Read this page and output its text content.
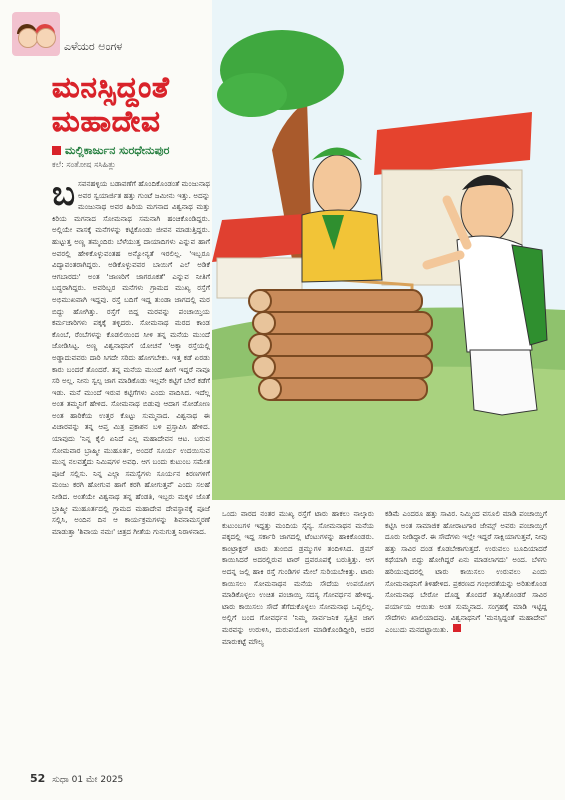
ಎಳೆಯರ ಅಂಗಳ
ಮನಸ್ಸಿದ್ದಂತೆ
ಮಹಾದೇವ
ಮಲ್ಲಿಕಾರ್ಜುನ ಸುರಧೇನುಪುರ
ಕಲೆ: ಸಂತೋಷ ಸಸಿಹಿತ್ಲು

ಬಸವನಹಳ್ಳಿಯ ಬಡಾವಣೆಗೆ ಹೊಂದಿಕೊಂಡಂತೆ ಮಂಜುನಾಥ ಅವರ ಸ್ವಯಾರ್ಜಿತ ಹತ್ತು ಗುಂಟೆ ಜಮೀನು ಇತ್ತು. ಅದನ್ನು ಮಂಜುನಾಥ ಅವರ ಹಿರಿಯ ಮಗನಾದ ವಿಶ್ವನಾಥ ಮತ್ತು ಕಿರಿಯ ಮಗನಾದ ಸೋಮನಾಥ ಸಮನಾಗಿ ಹಂಚಿಕೊಂಡಿದ್ದರು. ಅಲ್ಲಿಯೇ ವಾಸಕ್ಕೆ ಮನೆಗಳನ್ನು ಕಟ್ಟಿಕೊಂಡು ಜೀವನ ಮಾಡುತ್ತಿದ್ದರು. ಹುಟ್ಟುತ್ತ ಅಣ್ಣ ತಮ್ಮಂದಿರು ಬೆಳೆಯುತ್ತ ದಾಯಾದಿಗಳು ಎನ್ನುವ ಹಾಗೆ ಅವರಲ್ಲಿ ಹೇಳಿಕೊಳ್ಳುವಂತಹ ಅನ್ಯೋನ್ಯತೆ ಇರಲಿಲ್ಲ. 'ಇಬ್ಬರೂ ವಿದ್ಯಾವಂತರಾಗಿದ್ದರು. ಅಡಿಕೊಳ್ಳುವವರ ಬಾಯಿಗೆ ಎಲೆ ಅಡಿಕೆ ಆಗಬಾರದು' ಅಂತ 'ಜಾಣರಿಗೆ ಜಾಗರೂಕತೆ' ಎನ್ನುವ ನೀತಿಗೆ ಬದ್ಧರಾಗಿದ್ದರು. ಅವರಿಬ್ಬರ ಮನೆಗಳು ಗ್ರಾಮದ ಮುಖ್ಯ ರಸ್ತೆಗೆ ಅಭಿಮುಖವಾಗಿ ಇದ್ದವು. ರಸ್ತೆ ಬದಿಗೆ ಇದ್ದ ತುಂಡಾ ಜಾಗದಲ್ಲಿ ಮರ ಬಿದ್ದು ಹೋಗಿತ್ತು. ರಸ್ತೆಗೆ ಬಿದ್ದ ಮರವನ್ನು ಪಂಚಾಯ್ತಿಯ ಕರ್ಮಚಾರಿಗಳು ಪಕ್ಕಕ್ಕೆ ತಳ್ಳಿದರು. ಸೋಮನಾಥ ಮರದ ಕಾಂಡ ಕೊಂಬೆ, ರೆಂಬೆಗಳನ್ನು ಕೊಡಲಿಯಿಂದ ಸೀಳಿ ತನ್ನ ಮನೆಯ ಮುಂದೆ ಜೋಡಿಸಿಟ್ಟ. ಅಣ್ಣ ವಿಶ್ವನಾಥನಿಗೆ ಯೋಚನೆ 'ಅಕ್ಕಾ ರಸ್ತೆಯಲ್ಲಿ ಅಡ್ಡಾದುವವರು ದಾರಿ ಸಿಗದೇ ಸರಿದು ಹೋಗಬೇಕು. ಇತ್ತ ಕಡೆ ಏರಡು ಕಾರು ಬಂದರೆ ತೊಂದರೆ. ತನ್ನ ಮನೆಯ ಮುಂದೆ ಹೀಗೆ ಇದ್ದರೆ ನಾವೂ ಸರಿ ಅಲ್ಲ. ನೀನು ಸ್ವಲ್ಪ ಜಾಗ ಮಾಡಿಕೊಡು ಇಲ್ಲವೇ ಕಟ್ಟಿಗೆ ಬೇರೆ ಕಡೆಗೆ ಇಡು. ಮನೆ ಮುಂದೆ ಇರುವ ಕಟ್ಟಿಗೆಗಳು ಎಂದು ವಾದಿಸಿದ. ಇದೆಲ್ಲ ಅಂತ ತಮ್ಮನಿಗೆ ಹೇಳಿದ. ಸೋಮನಾಥ ಬಿಡುವು ಆದಾಗ ನೋಡೋಣ ಅಂತ ಹಾರಿಕೆಯ ಉತ್ತರ ಕೊಟ್ಟು ಸುಮ್ಮನಾದ. ವಿಶ್ವನಾಥ ಈ ವಿಚಾರವನ್ನು ತನ್ನ ಆಪ್ತ ಮಿತ್ರ ಪ್ರಕಾಶನ ಬಳಿ ಪ್ರಸ್ತಾಪಿಸಿ ಹೇಳಿದ. ಯಾವುದು 'ನಿನ್ನ ಕೈಲಿ ಏನಿದೆ ಎಲ್ಲ ಮಹಾದೇವನ ಆಟ. ಬರುವ ಸೋಮವಾರ ಬ್ರಾಹ್ಮೀ ಮುಹೂರ್ತ, ಅಂದರೆ ಸೂರ್ಯ ಉದಯಿಸುವ ಮುನ್ನ ನಲವತ್ತೈದು ನಿಮಿಷಗಳ ಅವಧಿ. ಆಗ ಬಂದು ಕುಟುಂಬ ಸಮೇತ ಪೂಜೆ ಸಲ್ಲಿಸು. ನಿನ್ನ ಎಲ್ಲಾ ಸಮಸ್ಯೆಗಳು ಸೂರ್ಯನ ಕಿರಣಗಳಿಗೆ ಮಂಜು ಕರಗಿ ಹೋಗುವ ಹಾಗೆ ಕರಗಿ ಹೋಗುತ್ತವೆ' ಎಂದು ಸಲಹೆ ನೀಡಿದ. ಅಂತೆಯೇ ವಿಶ್ವನಾಥ ತನ್ನ ಹೆಂಡತಿ, ಇಬ್ಬರು ಮಕ್ಕಳ ಜೊತೆ ಬ್ರಾಹ್ಮೀ ಮುಹೂರ್ತದಲ್ಲಿ ಗ್ರಾಮದ ಮಹಾದೇವ ದೇವಸ್ಥಾನಕ್ಕೆ ಪೂಜೆ ಸಲ್ಲಿಸಿ, ಅಂದಿನ ದಿನ ಆ ಕಾರ್ಯಕ್ರಮಗಳನ್ನು ಶಿವನಾಮಸ್ಮರಣೆ ಮಾಡುತ್ತಾ 'ಶಿವಾಯ ನಮಃ' ಚಿತ್ರದ ಗೀತೆಯ ಗುನುಗುತ್ತ ನಿರಾಳನಾದ.

ಒಂದು ವಾರದ ನಂತರ ಮುಖ್ಯ ರಸ್ತೆಗೆ ಟಾರು ಹಾಕಲು ನಾಲ್ಕಾರು ಕುಟುಂಬಗಳ ಇದ್ದತ್ತು ಮಂದಿಯ ಸೈನ್ಯ. ಸೋಮನಾಥನ ಮನೆಯ ಪಕ್ಕದಲ್ಲಿ ಇದ್ದ ಸರ್ಕಾರಿ ಜಾಗದಲ್ಲಿ ಟೆಂಟುಗಳನ್ನು ಹಾಕಿಕೊಂಡರು. ಕಾಂಟ್ರಾಕ್ಟರ್ ಟಾರು ತುಂಬಿದ ಡ್ರಮ್ಮುಗಳ ತಂದಿಳಿಸಿದ. ಡ್ರಮ್ ಕಾಯಿಸಿದರೆ ಅದರಲ್ಲಿರುವ ಟಾರ್ ದ್ರವರೂಪಕ್ಕೆ ಬರುತ್ತಿತ್ತು. ಆಗ ಅದನ್ನ ಜಲ್ಲಿ ಹಾಕಿ ರಸ್ತೆ ಗುಂಡಿಗಳ ಮೇಲೆ ಸುರಿಯಬೇಕಿತ್ತು. ಟಾರು ಕಾಯಿಸಲು ಸೋಮನಾಥನ ಮನೆಯ ಸೌದೆಯ ಉಪಯೋಗ ಮಾಡಿಕೊಳ್ಳಲು ಉಚಿತ ಪಂಚಾಯ್ತಿ ಸದಸ್ಯ ಗೋವರ್ಧನ ಹೇಳಿದ್ದ. ಟಾರು ಕಾಯಿಸಲು ಸೌದೆ ತೆಗೆದುಕೊಳ್ಳಲು ಸೋಮನಾಥ ಒಪ್ಪಲಿಲ್ಲ. ಅಲ್ಲಿಗೆ ಬಂದ ಗೋವರ್ಧನ 'ನಿಮ್ಮ ಸಾರ್ವಜನಿಕ ಸ್ವತ್ತಿನ ಜಾಗ ಮರವನ್ನು ಉರುಳಿಸಿ, ದುರುಪಯೋಗ ಮಾಡಿಕೊಂಡಿದ್ದೀರಿ, ಅದರ ಮಾರುಕಟ್ಟೆ ಮೌಲ್ಯ

ಕಡಿಮೆ ಎಂದರೂ ಹತ್ತು ಸಾವಿರ. ನಿಮ್ಮಿಂದ ವಸೂಲಿ ಮಾಡಿ ಪಂಚಾಯ್ತಿಗೆ ಕಟ್ಟಿಸಿ ಅಂತ ಸಾಮಾಜಿಕ ಹೋರಾಟಗಾರ ಜೇಮ್ಸ್ ಅವರು ಪಂಚಾಯ್ತಿಗೆ ದೂರು ನೀಡಿದ್ದಾರೆ. ಈ ಸೌದೆಗಳು ಇಲ್ಲೇ ಇದ್ದರೆ ಸಾಕ್ಷಿಯಾಗುತ್ತವೆ, ನೀವು ಹತ್ತು ಸಾವಿರ ದಂಡ ಕೊಡಬೇಕಾಗುತ್ತದೆ. ಉರುವಲು ಬೂದಿಯಾದರೆ ಕಥೆಯಾಗಿ ಬಿದ್ದು ಹೋಗಿದ್ದರೆ ಏನು ಮಾಡಲಾಗದು' ಅಂದ. ಬೆಳಗು ಹರಿಯುವುದರಲ್ಲಿ ಟಾರು ಕಾಯಿಸಲು ಉರುವಲು ಎಂದು ಸೋಮನಾಥನಿಗೆ ತಿಳಿಹೇಳಿದ. ಪ್ರಕರಣದ ಗಂಭೀರತೆಯನ್ನು ಅರಿತುಕೊಂಡ ಸೋಮನಾಥ ಬೇರೋ ದೊಡ್ಡ ತೊಂದರೆ ತಪ್ಪಿಸಿಕೊಂಡರೆ ಸಾವಿರ ಪರ್ಯಾಯ ಆಯಿತು ಅಂತ ಸುಮ್ಮನಾದ. ಸಂಗ್ರಹಕ್ಕೆ ಮಾಡಿ ಇಟ್ಟಿದ್ದ ಸೌದೆಗಳು ಖಾಲಿಯಾದವು. ವಿಶ್ವನಾಥನಿಗೆ 'ಮನಸ್ಸಿದ್ದಂತೆ ಮಹಾದೇವ' ಎಂಬುದು ಮನದಟ್ಟಾಯಿತು.

52 ಸುಧಾ 01 ಮೇ 2025
